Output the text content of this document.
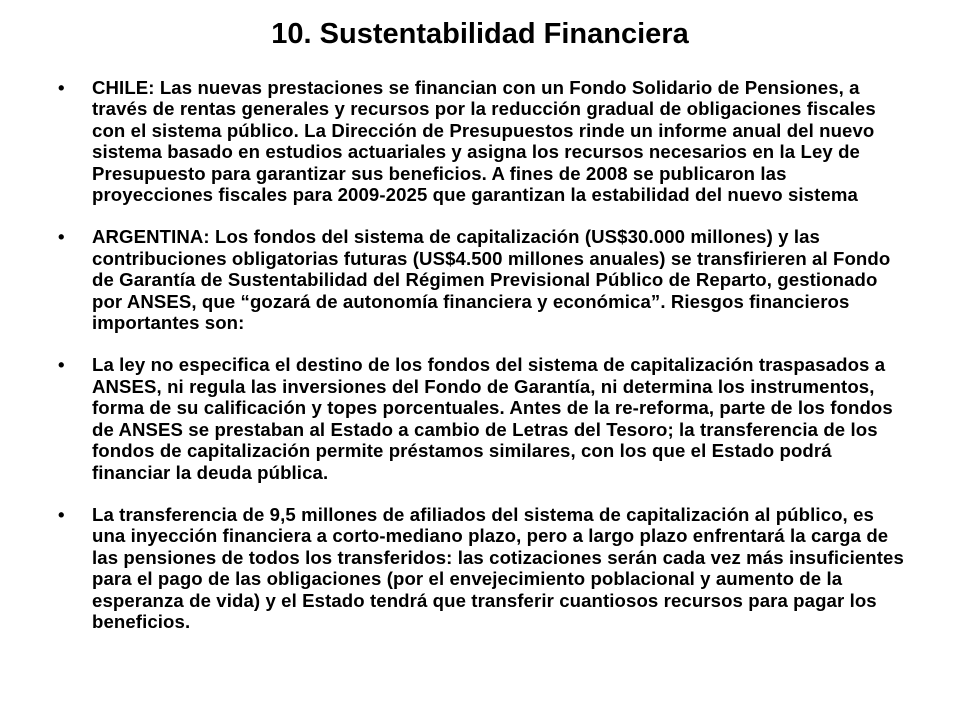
10. Sustentabilidad Financiera
• CHILE: Las nuevas prestaciones se financian con un Fondo Solidario de Pensiones, a través de rentas generales y recursos por la reducción gradual de obligaciones fiscales con el sistema público. La Dirección de Presupuestos rinde un informe anual del nuevo sistema basado en estudios actuariales y asigna los recursos necesarios en la Ley de Presupuesto para garantizar sus beneficios. A fines de 2008 se publicaron las proyecciones fiscales para 2009-2025 que garantizan la estabilidad del nuevo sistema
• ARGENTINA: Los fondos del sistema de capitalización (US$30.000 millones) y las contribuciones obligatorias futuras (US$4.500 millones anuales) se transfirieren al Fondo de Garantía de Sustentabilidad del Régimen Previsional Público de Reparto, gestionado por ANSES, que “gozará de autonomía financiera y económica”. Riesgos financieros importantes son:
• La ley no especifica el destino de los fondos del sistema de capitalización traspasados a ANSES, ni regula las inversiones del Fondo de Garantía, ni determina los instrumentos, forma de su calificación y topes porcentuales. Antes de la re-reforma, parte de los fondos de ANSES se prestaban al Estado a cambio de Letras del Tesoro; la transferencia de los fondos de capitalización permite préstamos similares, con los que el Estado podrá financiar la deuda pública.
• La transferencia de 9,5 millones de afiliados del sistema de capitalización al público, es una inyección financiera a corto-mediano plazo, pero a largo plazo enfrentará la carga de las pensiones de todos los transferidos: las cotizaciones serán cada vez más insuficientes para el pago de las obligaciones (por el envejecimiento poblacional y aumento de la esperanza de vida) y el Estado tendrá que transferir cuantiosos recursos para pagar los beneficios.
